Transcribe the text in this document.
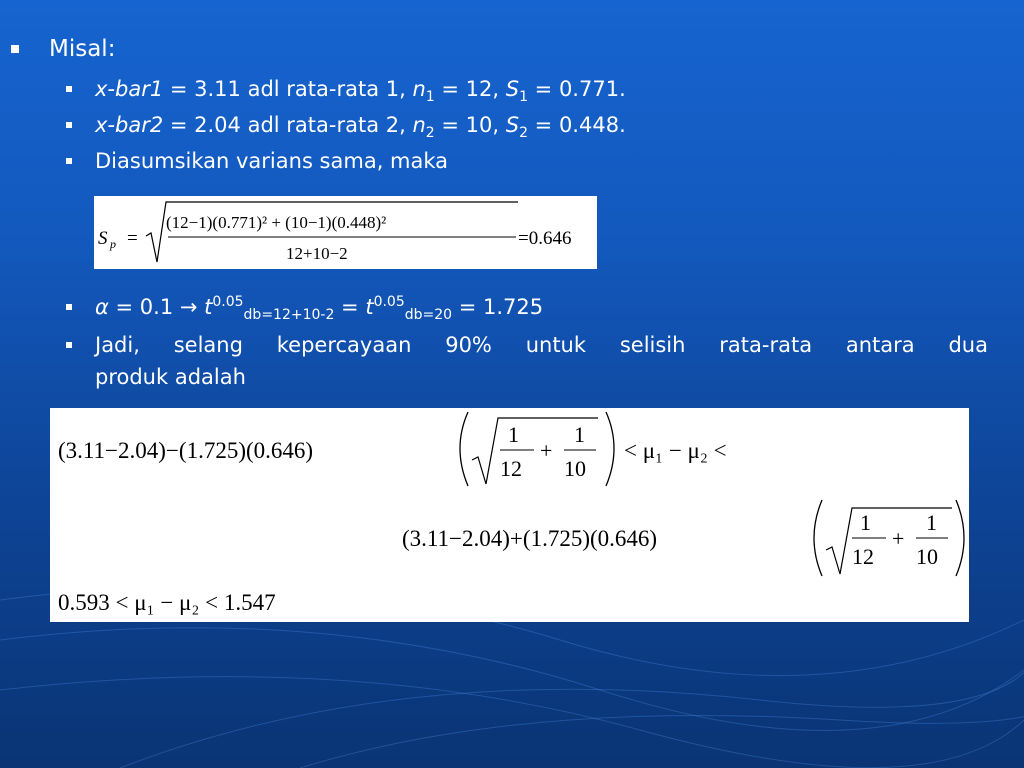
Misal:
x-bar1 = 3.11 adl rata-rata 1, $n_1 = 12$, $S_1 = 0.771$.
x-bar2 = 2.04 adl rata-rata 2, $n_2 = 10$, $S_2 = 0.448$.
Diasumsikan varians sama, maka
S p =
(12−1)(0.771)² + (10−1)(0.448)²
12+10−2
=0.646
$\alpha = 0.1 \to t^{0.05}_{db=12+10-2} = t^{0.05}_{db=20} = 1.725$
Jadi, selang kepercayaan 90% untuk selisih rata-rata antara dua
produk adalah
(3.11−2.04)−(1.725)(0.646)
1
12
+
1
10
< μ₁ − μ₂ <
(3.11−2.04)+(1.725)(0.646)
1
12
+
1
10
0.593 < μ₁ − μ₂ < 1.547
